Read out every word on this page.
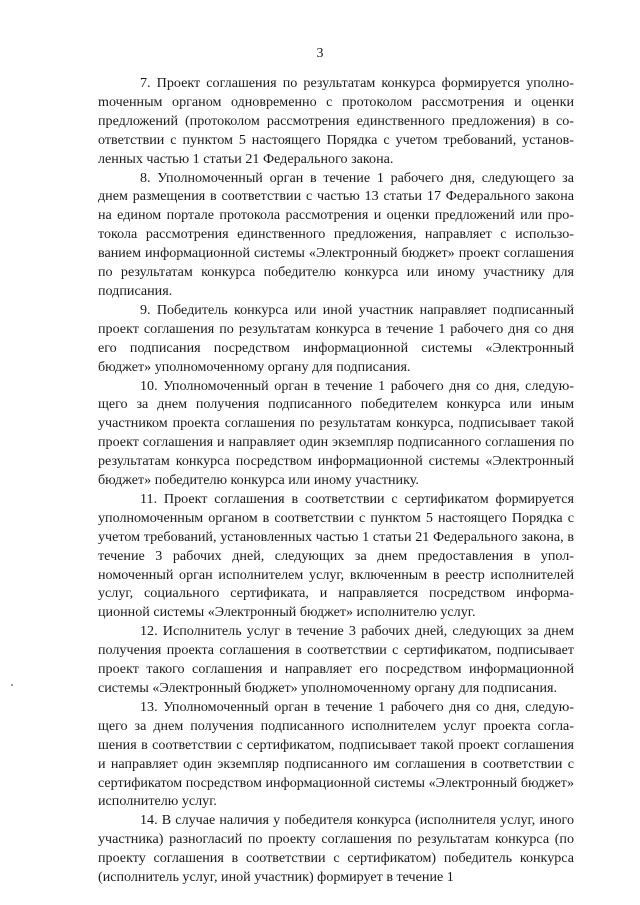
3

7. Проект соглашения по результатам конкурса формируется уполноmоченным органом одновременно с протоколом рассмотрения и оценки предложений (протоколом рассмотрения единственного предложения) в соответствии с пунктом 5 настоящего Порядка с учетом требований, установленных частью 1 статьи 21 Федерального закона.

8. Уполномоченный орган в течение 1 рабочего дня, следующего за днем размещения в соответствии с частью 13 статьи 17 Федерального закона на едином портале протокола рассмотрения и оценки предложений или протокола рассмотрения единственного предложения, направляет с использованием информационной системы «Электронный бюджет» проект соглашения по результатам конкурса победителю конкурса или иному участнику для подписания.

9. Победитель конкурса или иной участник направляет подписанный проект соглашения по результатам конкурса в течение 1 рабочего дня со дня его подписания посредством информационной системы «Электронный бюджет» уполномоченному органу для подписания.

10. Уполномоченный орган в течение 1 рабочего дня со дня, следующего за днем получения подписанного победителем конкурса или иным участником проекта соглашения по результатам конкурса, подписывает такой проект соглашения и направляет один экземпляр подписанного соглашения по результатам конкурса посредством информационной системы «Электронный бюджет» победителю конкурса или иному участнику.

11. Проект соглашения в соответствии с сертификатом формируется уполномоченным органом в соответствии с пунктом 5 настоящего Порядка с учетом требований, установленных частью 1 статьи 21 Федерального закона, в течение 3 рабочих дней, следующих за днем предоставления в уполномоченный орган исполнителем услуг, включенным в реестр исполнителей услуг, социального сертификата, и направляется посредством информационной системы «Электронный бюджет» исполнителю услуг.

12. Исполнитель услуг в течение 3 рабочих дней, следующих за днем получения проекта соглашения в соответствии с сертификатом, подписывает проект такого соглашения и направляет его посредством информационной системы «Электронный бюджет» уполномоченному органу для подписания.

13. Уполномоченный орган в течение 1 рабочего дня со дня, следующего за днем получения подписанного исполнителем услуг проекта соглашения в соответствии с сертификатом, подписывает такой проект соглашения и направляет один экземпляр подписанного им соглашения в соответствии с сертификатом посредством информационной системы «Электронный бюджет» исполнителю услуг.

14. В случае наличия у победителя конкурса (исполнителя услуг, иного участника) разногласий по проекту соглашения по результатам конкурса (по проекту соглашения в соответствии с сертификатом) победитель конкурса (исполнитель услуг, иной участник) формирует в течение 1
